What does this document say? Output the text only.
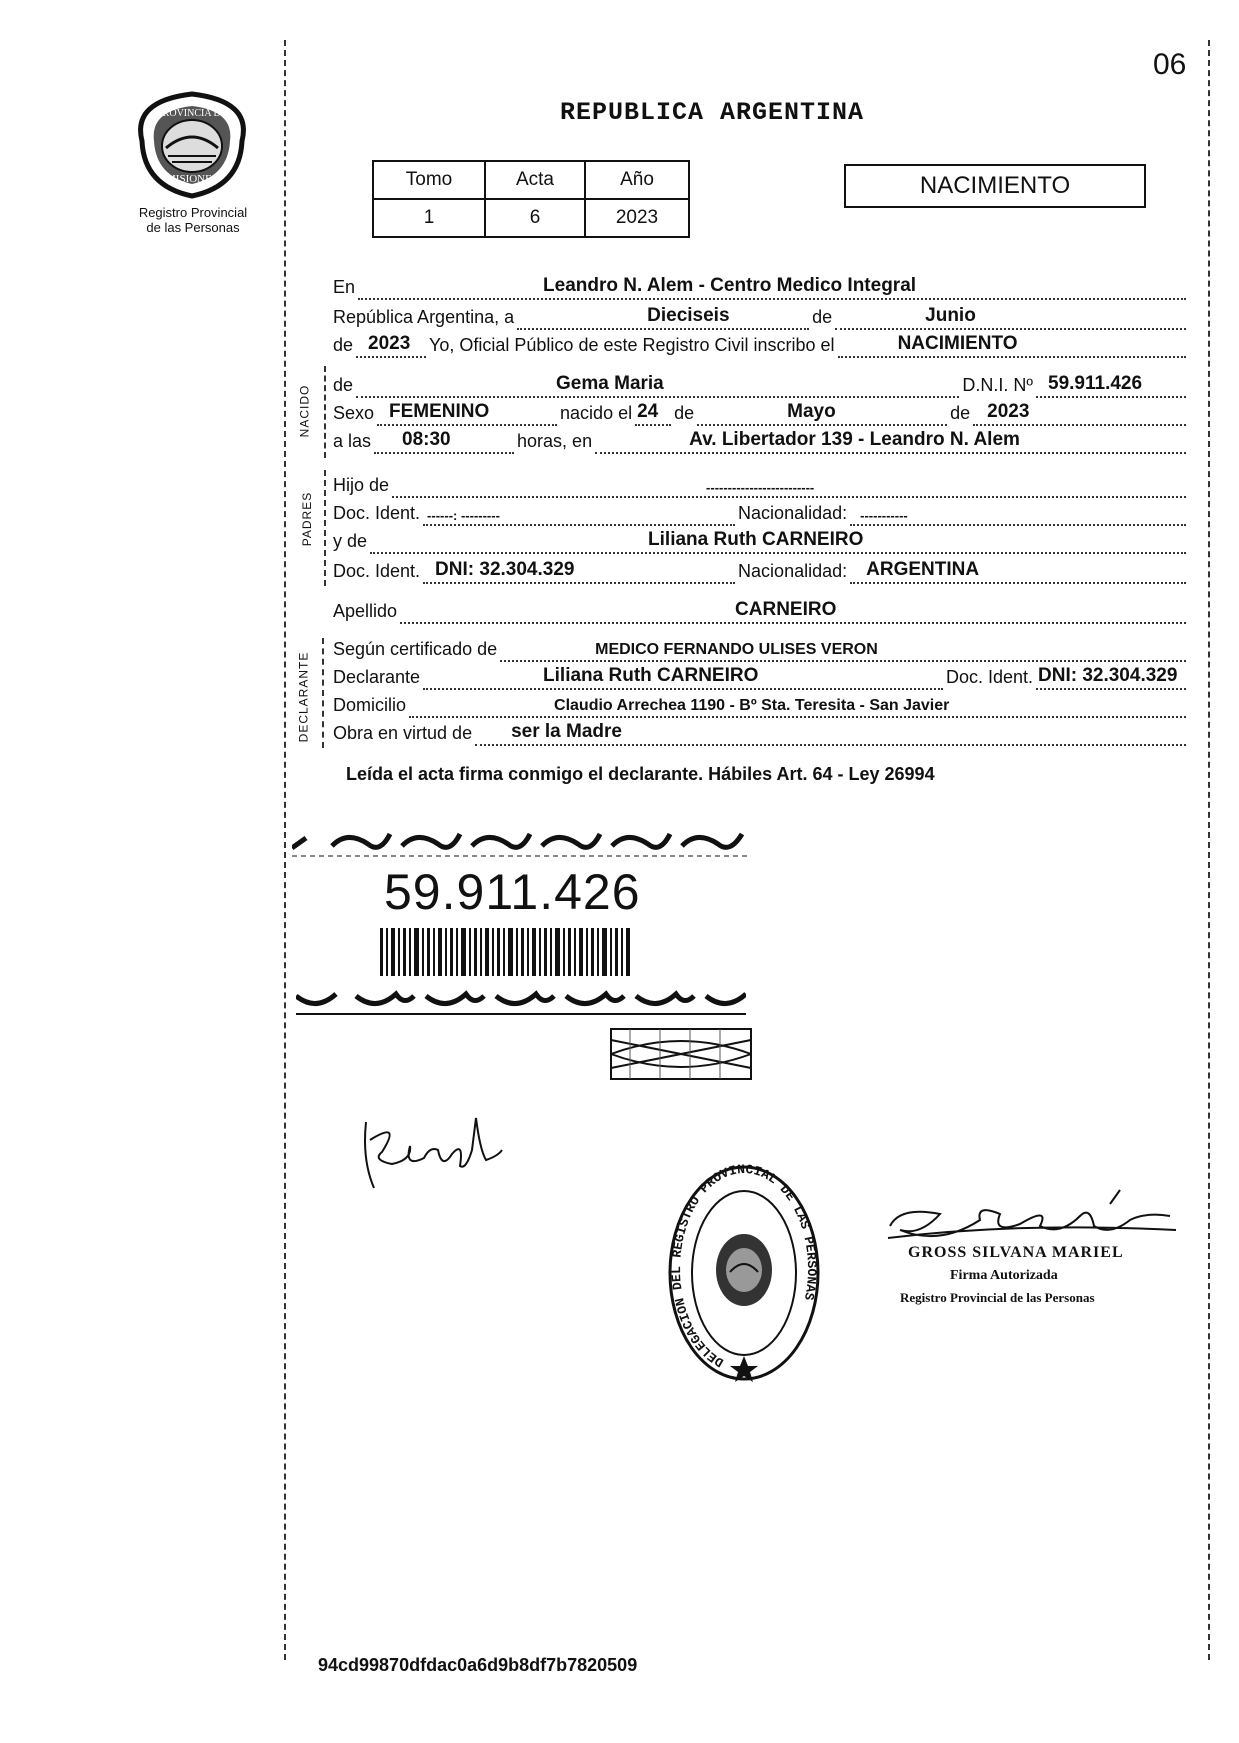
06
PROVINCIA DE
MISIONES
Registro Provincial
de las Personas
REPUBLICA ARGENTINA
Tomo	Acta	Año
1	6	2023
NACIMIENTO
En	Leandro N. Alem - Centro Medico Integral
República Argentina, a	Dieciseis	de	Junio
de 2023 Yo, Oficial Público de este Registro Civil inscribo el	NACIMIENTO
NACIDO de	Gema Maria	D.N.I. Nº 59.911.426
Sexo FEMENINO	nacido el 24 de	Mayo	de 2023
a las 08:30	horas, en	Av. Libertador 139 - Leandro N. Alem
PADRES
Hijo de	-------------------------
Doc. Ident. ------: ---------	Nacionalidad: -----------
y de	Liliana Ruth CARNEIRO
Doc. Ident. DNI: 32.304.329	Nacionalidad: ARGENTINA
Apellido	CARNEIRO
DECLARANTE
Según certificado de	MEDICO FERNANDO ULISES VERON
Declarante	Liliana Ruth CARNEIRO	Doc. Ident. DNI: 32.304.329
Domicilio	Claudio Arrechea 1190 - Bº Sta. Teresita - San Javier
Obra en virtud de ser la Madre
Leída el acta firma conmigo el declarante. Hábiles Art. 64 - Ley 26994
59.911.426
DELEGACION DEL REGISTRO PROVINCIAL DE LAS PERSONAS
GROSS SILVANA MARIEL
Firma Autorizada
Registro Provincial de las Personas
94cd99870dfdac0a6d9b8df7b7820509
